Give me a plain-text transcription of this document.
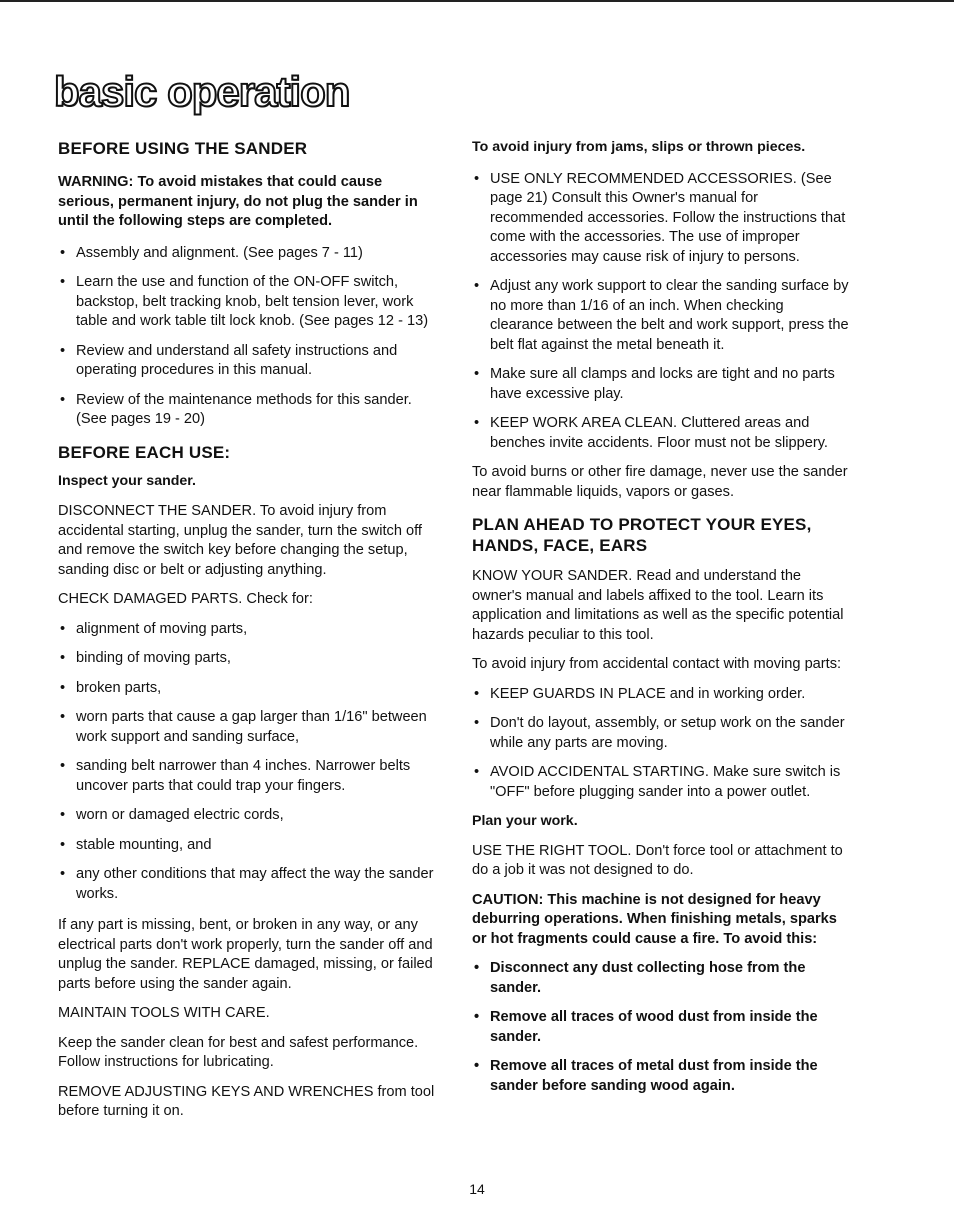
basic operation
BEFORE USING THE SANDER

WARNING: To avoid mistakes that could cause serious, permanent injury, do not plug the sander in until the following steps are completed.

• Assembly and alignment. (See pages 7 - 11)
• Learn the use and function of the ON-OFF switch, backstop, belt tracking knob, belt tension lever, work table and work table tilt lock knob. (See pages 12 - 13)
• Review and understand all safety instructions and operating procedures in this manual.
• Review of the maintenance methods for this sander. (See pages 19 - 20)
BEFORE EACH USE:

Inspect your sander.

DISCONNECT THE SANDER. To avoid injury from accidental starting, unplug the sander, turn the switch off and remove the switch key before changing the setup, sanding disc or belt or adjusting anything.

CHECK DAMAGED PARTS. Check for:

• alignment of moving parts,
• binding of moving parts,
• broken parts,
• worn parts that cause a gap larger than 1/16" between work support and sanding surface,
• sanding belt narrower than 4 inches. Narrower belts uncover parts that could trap your fingers.
• worn or damaged electric cords,
• stable mounting, and
• any other conditions that may affect the way the sander works.

If any part is missing, bent, or broken in any way, or any electrical parts don't work properly, turn the sander off and unplug the sander. REPLACE damaged, missing, or failed parts before using the sander again.

MAINTAIN TOOLS WITH CARE.

Keep the sander clean for best and safest performance. Follow instructions for lubricating.

REMOVE ADJUSTING KEYS AND WRENCHES from tool before turning it on.

To avoid injury from jams, slips or thrown pieces.

• USE ONLY RECOMMENDED ACCESSORIES. (See page 21) Consult this Owner's manual for recommended accessories. Follow the instructions that come with the accessories. The use of improper accessories may cause risk of injury to persons.
• Adjust any work support to clear the sanding surface by no more than 1/16 of an inch. When checking clearance between the belt and work support, press the belt flat against the metal beneath it.
• Make sure all clamps and locks are tight and no parts have excessive play.
• KEEP WORK AREA CLEAN. Cluttered areas and benches invite accidents. Floor must not be slippery.

To avoid burns or other fire damage, never use the sander near flammable liquids, vapors or gases.

PLAN AHEAD TO PROTECT YOUR EYES, HANDS, FACE, EARS

KNOW YOUR SANDER. Read and understand the owner's manual and labels affixed to the tool. Learn its application and limitations as well as the specific potential hazards peculiar to this tool.

To avoid injury from accidental contact with moving parts:

• KEEP GUARDS IN PLACE and in working order.
• Don't do layout, assembly, or setup work on the sander while any parts are moving.
• AVOID ACCIDENTAL STARTING. Make sure switch is "OFF" before plugging sander into a power outlet.

Plan your work.

USE THE RIGHT TOOL. Don't force tool or attachment to do a job it was not designed to do.

CAUTION: This machine is not designed for heavy deburring operations. When finishing metals, sparks or hot fragments could cause a fire. To avoid this:

• Disconnect any dust collecting hose from the sander.
• Remove all traces of wood dust from inside the sander.
• Remove all traces of metal dust from inside the sander before sanding wood again.
14
